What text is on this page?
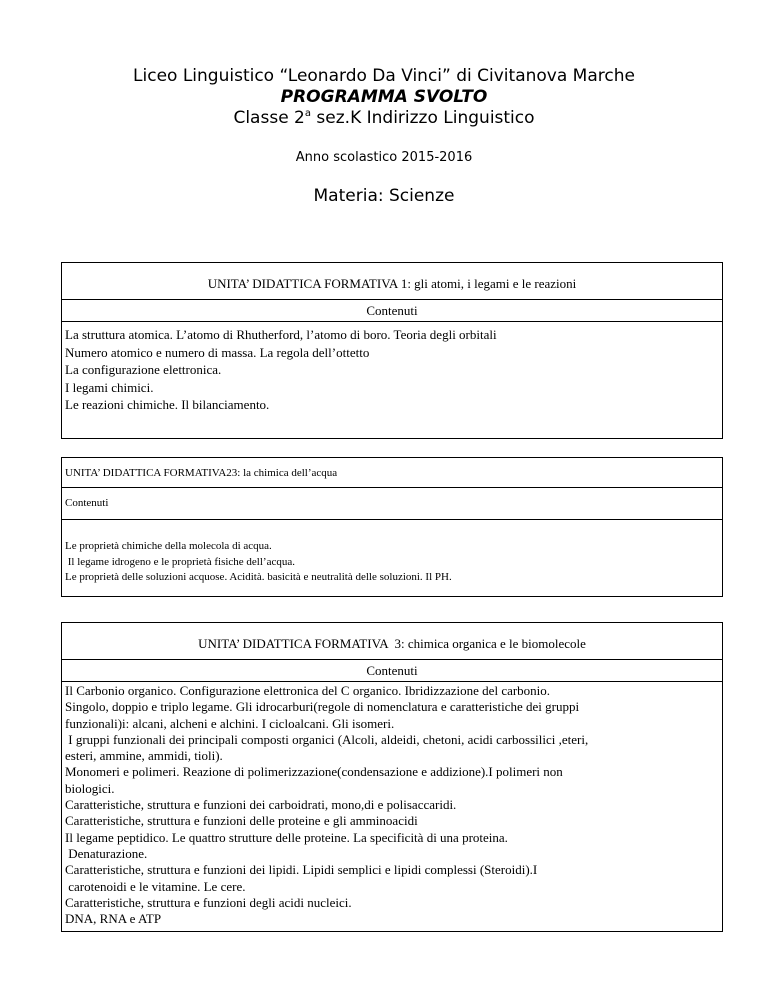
Liceo Linguistico “Leonardo Da Vinci” di Civitanova Marche
PROGRAMMA SVOLTO
Classe 2$^a$ sez.K Indirizzo Linguistico
Anno scolastico 2015-2016
Materia: Scienze
UNITA’ DIDATTICA FORMATIVA 1: gli atomi, i legami e le reazioni
Contenuti
La struttura atomica. L’atomo di Rhutherford, l’atomo di boro. Teoria degli orbitali
Numero atomico e numero di massa. La regola dell’ottetto
La configurazione elettronica.
I legami chimici.
Le reazioni chimiche. Il bilanciamento.
UNITA’ DIDATTICA FORMATIVA23: la chimica dell’acqua
Contenuti
Le proprietà chimiche della molecola di acqua.
Il legame idrogeno e le proprietà fisiche dell’acqua.
Le proprietà delle soluzioni acquose. Acidità. basicità e neutralità delle soluzioni. Il PH.
UNITA’ DIDATTICA FORMATIVA  3: chimica organica e le biomolecole
Contenuti
Il Carbonio organico. Configurazione elettronica del C organico. Ibridizzazione del carbonio.
Singolo, doppio e triplo legame. Gli idrocarburi(regole di nomenclatura e caratteristiche dei gruppi
funzionali)i: alcani, alcheni e alchini. I cicloalcani. Gli isomeri.
I gruppi funzionali dei principali composti organici (Alcoli, aldeidi, chetoni, acidi carbossilici ,eteri,
esteri, ammine, ammidi, tioli).
Monomeri e polimeri. Reazione di polimerizzazione(condensazione e addizione).I polimeri non
biologici.
Caratteristiche, struttura e funzioni dei carboidrati, mono,di e polisaccaridi.
Caratteristiche, struttura e funzioni delle proteine e gli amminoacidi
Il legame peptidico. Le quattro strutture delle proteine. La specificità di una proteina.
Denaturazione.
Caratteristiche, struttura e funzioni dei lipidi. Lipidi semplici e lipidi complessi (Steroidi).I
carotenoidi e le vitamine. Le cere.
Caratteristiche, struttura e funzioni degli acidi nucleici.
DNA, RNA e ATP
